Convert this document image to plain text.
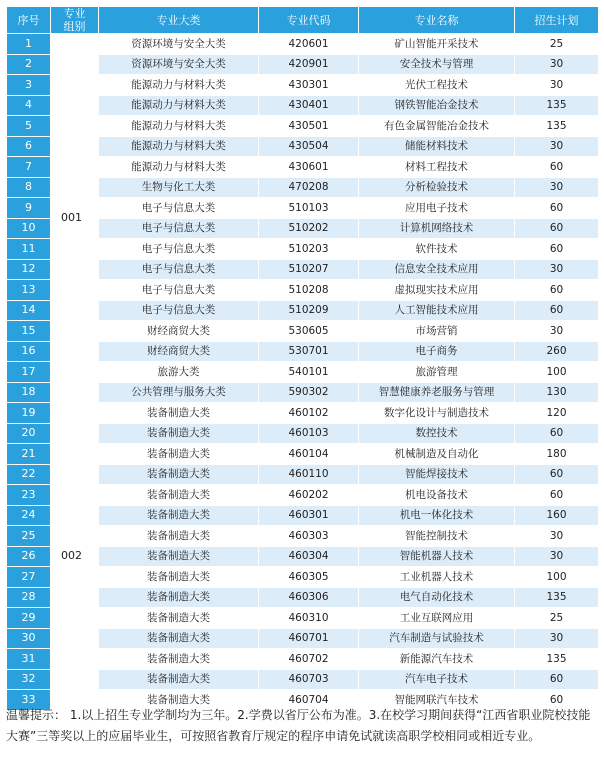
序号	专业
组别	专业大类	专业代码	专业名称	招生计划
1	001	资源环境与安全大类	420601	矿山智能开采技术	25
2		资源环境与安全大类	420901	安全技术与管理	30
3		能源动力与材料大类	430301	光伏工程技术	30
4		能源动力与材料大类	430401	钢铁智能冶金技术	135
5		能源动力与材料大类	430501	有色金属智能冶金技术	135
6		能源动力与材料大类	430504	储能材料技术	30
7		能源动力与材料大类	430601	材料工程技术	60
8		生物与化工大类	470208	分析检验技术	30
9		电子与信息大类	510103	应用电子技术	60
10		电子与信息大类	510202	计算机网络技术	60
11		电子与信息大类	510203	软件技术	60
12		电子与信息大类	510207	信息安全技术应用	30
13		电子与信息大类	510208	虚拟现实技术应用	60
14		电子与信息大类	510209	人工智能技术应用	60
15		财经商贸大类	530605	市场营销	30
16		财经商贸大类	530701	电子商务	260
17		旅游大类	540101	旅游管理	100
18		公共管理与服务大类	590302	智慧健康养老服务与管理	130
19	002	装备制造大类	460102	数字化设计与制造技术	120
20		装备制造大类	460103	数控技术	60
21		装备制造大类	460104	机械制造及自动化	180
22		装备制造大类	460110	智能焊接技术	60
23		装备制造大类	460202	机电设备技术	60
24		装备制造大类	460301	机电一体化技术	160
25		装备制造大类	460303	智能控制技术	30
26		装备制造大类	460304	智能机器人技术	30
27		装备制造大类	460305	工业机器人技术	100
28		装备制造大类	460306	电气自动化技术	135
29		装备制造大类	460310	工业互联网应用	25
30		装备制造大类	460701	汽车制造与试验技术	30
31		装备制造大类	460702	新能源汽车技术	135
32		装备制造大类	460703	汽车电子技术	60
33		装备制造大类	460704	智能网联汽车技术	60
温馨提示： 1.以上招生专业学制均为三年。2.学费以省厅公布为准。3.在校学习期间获得“江西省职业院校技能大赛”三等奖以上的应届毕业生，可按照省教育厅规定的程序申请免试就读高职学校相同或相近专业。
